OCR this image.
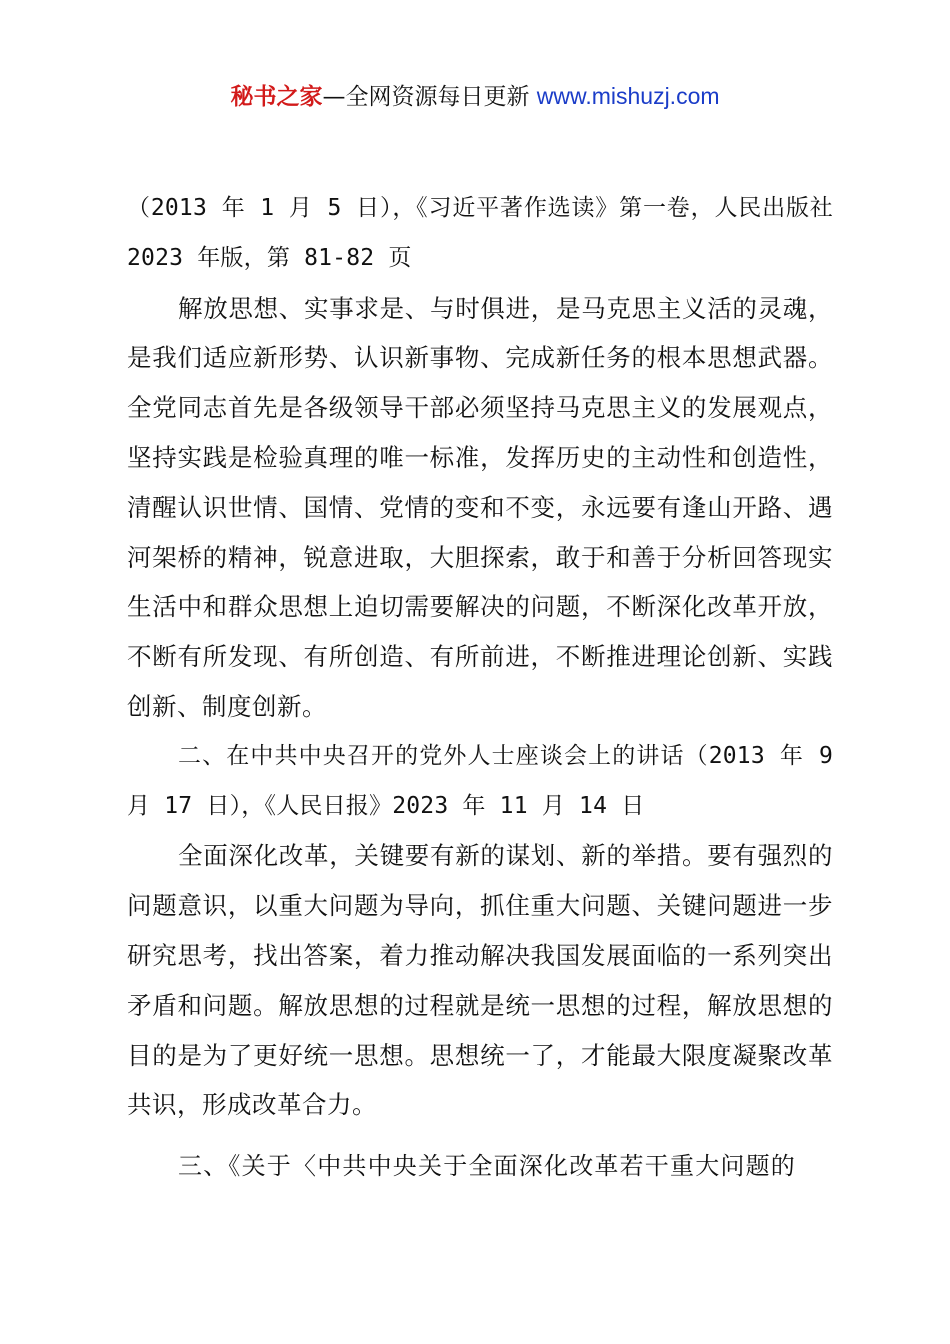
秘书之家—全网资源每日更新 www.mishuzj.com

（2013 年 1 月 5 日），《习近平著作选读》第一卷，人民出版社 2023 年版，第 81-82 页

解放思想、实事求是、与时俱进，是马克思主义活的灵魂，是我们适应新形势、认识新事物、完成新任务的根本思想武器。全党同志首先是各级领导干部必须坚持马克思主义的发展观点，坚持实践是检验真理的唯一标准，发挥历史的主动性和创造性，清醒认识世情、国情、党情的变和不变，永远要有逢山开路、遇河架桥的精神，锐意进取，大胆探索，敢于和善于分析回答现实生活中和群众思想上迫切需要解决的问题，不断深化改革开放，不断有所发现、有所创造、有所前进，不断推进理论创新、实践创新、制度创新。

二、在中共中央召开的党外人士座谈会上的讲话（2013 年 9 月 17 日），《人民日报》2023 年 11 月 14 日

全面深化改革，关键要有新的谋划、新的举措。要有强烈的问题意识，以重大问题为导向，抓住重大问题、关键问题进一步研究思考，找出答案，着力推动解决我国发展面临的一系列突出矛盾和问题。解放思想的过程就是统一思想的过程，解放思想的目的是为了更好统一思想。思想统一了，才能最大限度凝聚改革共识，形成改革合力。

三、《关于〈中共中央关于全面深化改革若干重大问题的
